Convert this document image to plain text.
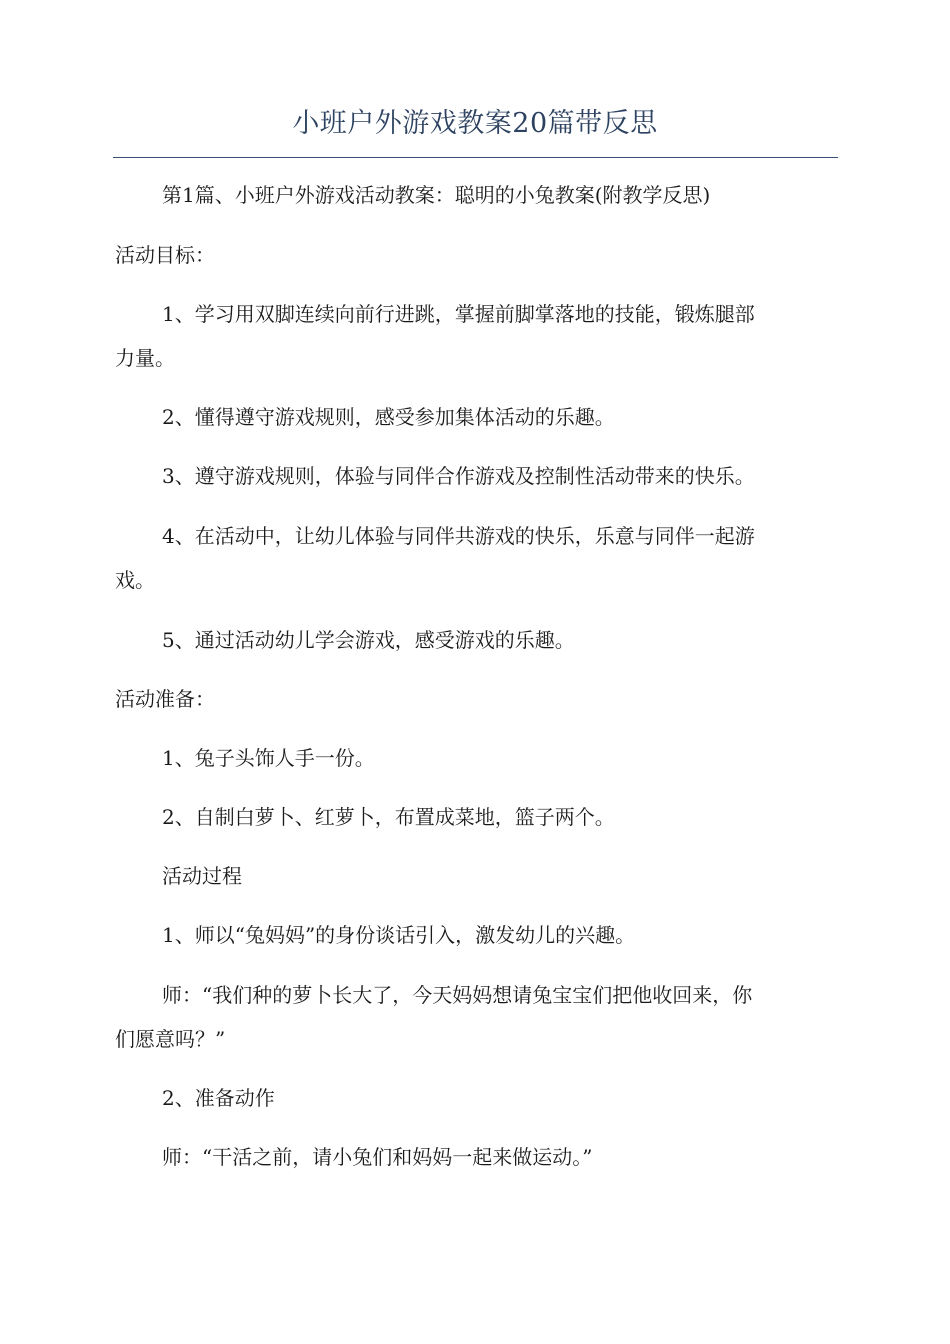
小班户外游戏教案20篇带反思
第1篇、小班户外游戏活动教案：聪明的小兔教案(附教学反思)
活动目标：
1、学习用双脚连续向前行进跳，掌握前脚掌落地的技能，锻炼腿部
力量。
2、懂得遵守游戏规则，感受参加集体活动的乐趣。
3、遵守游戏规则，体验与同伴合作游戏及控制性活动带来的快乐。
4、在活动中，让幼儿体验与同伴共游戏的快乐，乐意与同伴一起游
戏。
5、通过活动幼儿学会游戏，感受游戏的乐趣。
活动准备：
1、兔子头饰人手一份。
2、自制白萝卜、红萝卜，布置成菜地，篮子两个。
活动过程
1、师以“兔妈妈”的身份谈话引入，激发幼儿的兴趣。
师：“我们种的萝卜长大了，今天妈妈想请兔宝宝们把他收回来，你
们愿意吗？”
2、准备动作
师：“干活之前，请小兔们和妈妈一起来做运动。”
